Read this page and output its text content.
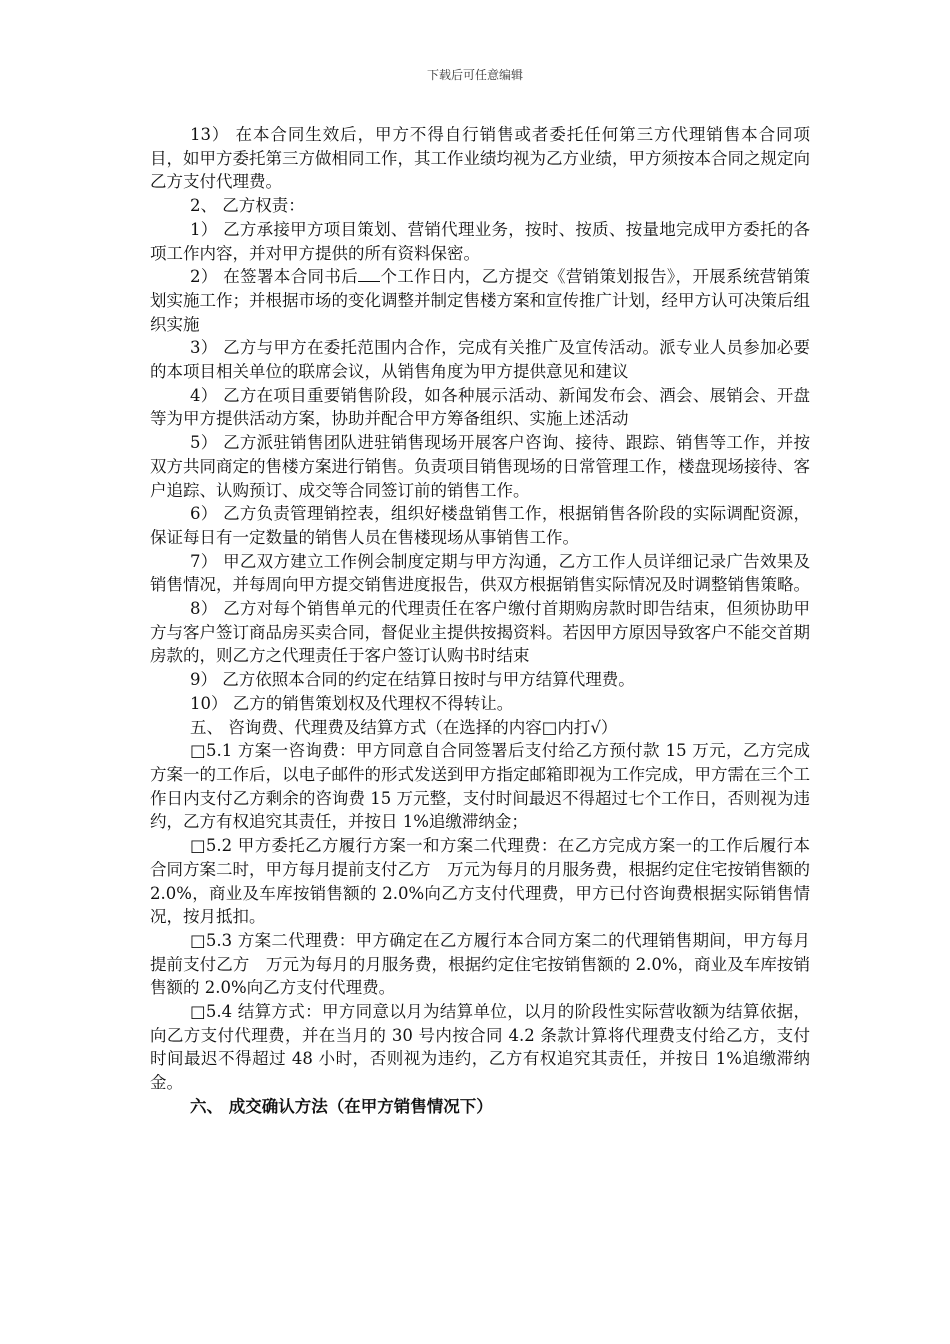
下载后可任意编辑

13） 在本合同生效后，甲方不得自行销售或者委托任何第三方代理销售本合同项目，如甲方委托第三方做相同工作，其工作业绩均视为乙方业绩，甲方须按本合同之规定向乙方支付代理费。

2、 乙方权责：

1） 乙方承接甲方项目策划、营销代理业务，按时、按质、按量地完成甲方委托的各项工作内容，并对甲方提供的所有资料保密。

2） 在签署本合同书后 个工作日内，乙方提交《营销策划报告》，开展系统营销策划实施工作；并根据市场的变化调整并制定售楼方案和宣传推广计划，经甲方认可决策后组织实施

3） 乙方与甲方在委托范围内合作，完成有关推广及宣传活动。派专业人员参加必要的本项目相关单位的联席会议，从销售角度为甲方提供意见和建议

4） 乙方在项目重要销售阶段，如各种展示活动、新闻发布会、酒会、展销会、开盘等为甲方提供活动方案，协助并配合甲方筹备组织、实施上述活动

5） 乙方派驻销售团队进驻销售现场开展客户咨询、接待、跟踪、销售等工作，并按双方共同商定的售楼方案进行销售。负责项目销售现场的日常管理工作，楼盘现场接待、客户追踪、认购预订、成交等合同签订前的销售工作。

6） 乙方负责管理销控表，组织好楼盘销售工作，根据销售各阶段的实际调配资源，保证每日有一定数量的销售人员在售楼现场从事销售工作。

7） 甲乙双方建立工作例会制度定期与甲方沟通，乙方工作人员详细记录广告效果及销售情况，并每周向甲方提交销售进度报告，供双方根据销售实际情况及时调整销售策略。

8） 乙方对每个销售单元的代理责任在客户缴付首期购房款时即告结束，但须协助甲方与客户签订商品房买卖合同，督促业主提供按揭资料。若因甲方原因导致客户不能交首期房款的，则乙方之代理责任于客户签订认购书时结束

9） 乙方依照本合同的约定在结算日按时与甲方结算代理费。

10） 乙方的销售策划权及代理权不得转让。

五、 咨询费、代理费及结算方式（在选择的内容□内打√）

□5.1 方案一咨询费：甲方同意自合同签署后支付给乙方预付款 15 万元，乙方完成方案一的工作后，以电子邮件的形式发送到甲方指定邮箱即视为工作完成，甲方需在三个工作日内支付乙方剩余的咨询费 15 万元整，支付时间最迟不得超过七个工作日，否则视为违约，乙方有权追究其责任，并按日 1%追缴滞纳金；

□5.2 甲方委托乙方履行方案一和方案二代理费：在乙方完成方案一的工作后履行本合同方案二时，甲方每月提前支付乙方　万元为每月的月服务费，根据约定住宅按销售额的 2.0%，商业及车库按销售额的 2.0%向乙方支付代理费，甲方已付咨询费根据实际销售情况，按月抵扣。

□5.3 方案二代理费：甲方确定在乙方履行本合同方案二的代理销售期间，甲方每月提前支付乙方　万元为每月的月服务费，根据约定住宅按销售额的 2.0%，商业及车库按销售额的 2.0%向乙方支付代理费。

□5.4 结算方式：甲方同意以月为结算单位，以月的阶段性实际营收额为结算依据，向乙方支付代理费，并在当月的 30 号内按合同 4.2 条款计算将代理费支付给乙方，支付时间最迟不得超过 48 小时，否则视为违约，乙方有权追究其责任，并按日 1%追缴滞纳金。

六、 成交确认方法（在甲方销售情况下）
